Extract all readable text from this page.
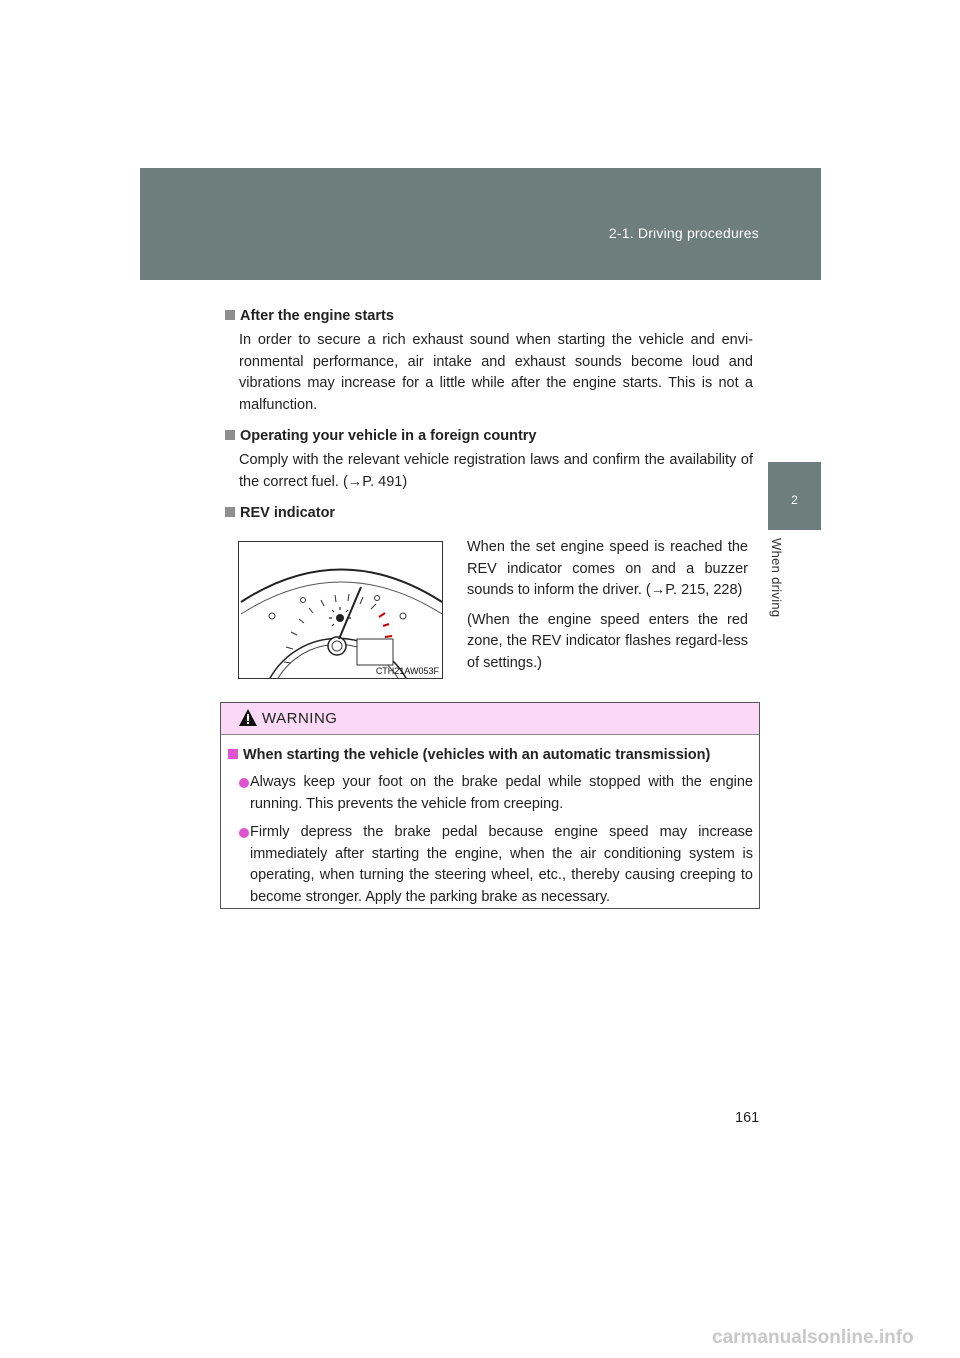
2-1. Driving procedures
2
When driving

After the engine starts

In order to secure a rich exhaust sound when starting the vehicle and envi-ronmental performance, air intake and exhaust sounds become loud and vibrations may increase for a little while after the engine starts. This is not a malfunction.

Operating your vehicle in a foreign country

Comply with the relevant vehicle registration laws and confirm the availability of the correct fuel. (→P. 491)

REV indicator

CTH21AW053F

When the set engine speed is reached the REV indicator comes on and a buzzer sounds to inform the driver. (→P. 215, 228)

(When the engine speed enters the red zone, the REV indicator flashes regard-less of settings.)

WARNING

When starting the vehicle (vehicles with an automatic transmission)

Always keep your foot on the brake pedal while stopped with the engine running. This prevents the vehicle from creeping.
Firmly depress the brake pedal because engine speed may increase immediately after starting the engine, when the air conditioning system is operating, when turning the steering wheel, etc., thereby causing creeping to become stronger. Apply the parking brake as necessary.
161
carmanualsonline.info
